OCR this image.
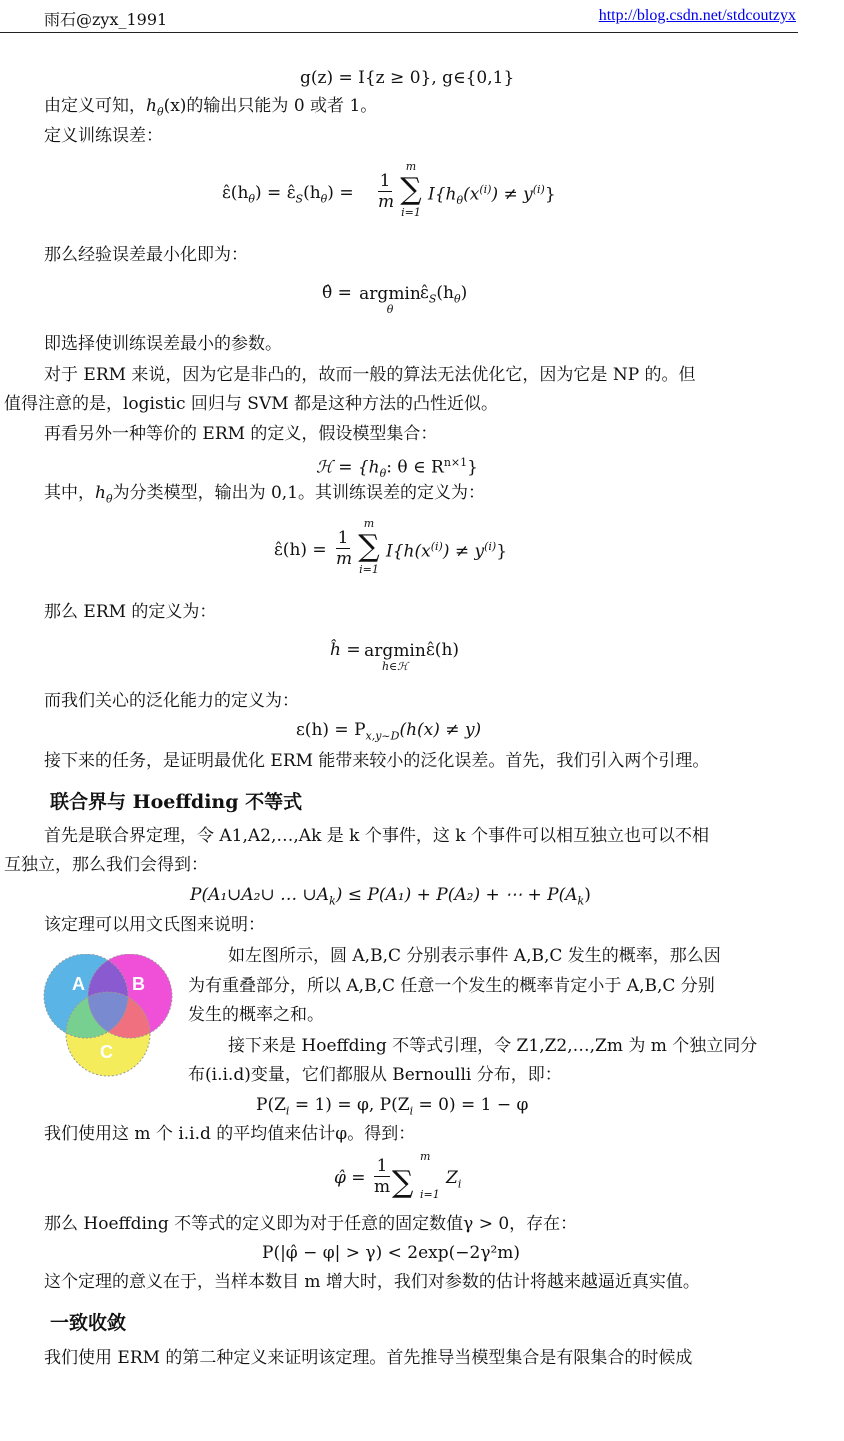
雨石@zyx_1991	http://blog.csdn.net/stdcoutzyx
g(z) = I{z ≥ 0}, g∈{0,1}
由定义可知，$h_\theta(x)$的输出只能为 0 或者 1。
定义训练误差：
$\varepsilon̂(h_\theta)$ = $\varepsilon̂_S(h_\theta)$ =
1
m
m
∑
i=1
$I\{h_\theta(x^{(i)}) \ne y^{(i)}\}$
那么经验误差最小化即为：
θ̂ = argmin
θ
$\varepsilon̂_S(h_\theta)$
即选择使训练误差最小的参数。
对于 ERM 来说，因为它是非凸的，故而一般的算法无法优化它，因为它是 NP 的。但
值得注意的是，logistic 回归与 SVM 都是这种方法的凸性近似。
再看另外一种等价的 ERM 的定义，假设模型集合：
ℋ = {$h_\theta$: θ ∈ $R^{n\times 1}$}
其中，$h_\theta$为分类模型，输出为 0,1。其训练误差的定义为：
ε̂(h) =
1
m
m
∑
i=1
$I\{h(x^{(i)}) \ne y^{(i)}\}$
那么 ERM 的定义为：
ĥ = argmin
h∈ℋ
ε̂(h)
而我们关心的泛化能力的定义为：
$\varepsilon(h) = P_{x,y\sim D}(h(x) \ne y)$
接下来的任务，是证明最优化 ERM 能带来较小的泛化误差。首先，我们引入两个引理。
联合界与 Hoeffding 不等式
首先是联合界定理，令 A1,A2,…,Ak 是 k 个事件，这 k 个事件可以相互独立也可以不相
互独立，那么我们会得到：
P(A₁∪A₂∪ … $\cup A_k) \le P(A_1) + P(A_2)$ + ⋯ + $P(A_k)$
该定理可以用文氏图来说明：
A	B
C
如左图所示，圆 A,B,C 分别表示事件 A,B,C 发生的概率，那么因
为有重叠部分，所以 A,B,C 任意一个发生的概率肯定小于 A,B,C 分别
发生的概率之和。
接下来是 Hoeffding 不等式引理，令 Z1,Z2,…,Zm 为 m 个独立同分
布(i.i.d)变量，它们都服从 Bernoulli 分布，即：
$P(Z_i = 1) = \varphi$, $P(Z_i = 0) = 1 - \varphi$
我们使用这 m 个 i.i.d 的平均值来估计φ。得到：
φ̂ =
1
m ∑
m
i=1
$Z_i$
那么 Hoeffding 不等式的定义即为对于任意的固定数值γ > 0，存在：
P(|φ̂ − φ| > γ) < 2exp(−2γ²m)
这个定理的意义在于，当样本数目 m 增大时，我们对参数的估计将越来越逼近真实值。
一致收敛
我们使用 ERM 的第二种定义来证明该定理。首先推导当模型集合是有限集合的时候成
